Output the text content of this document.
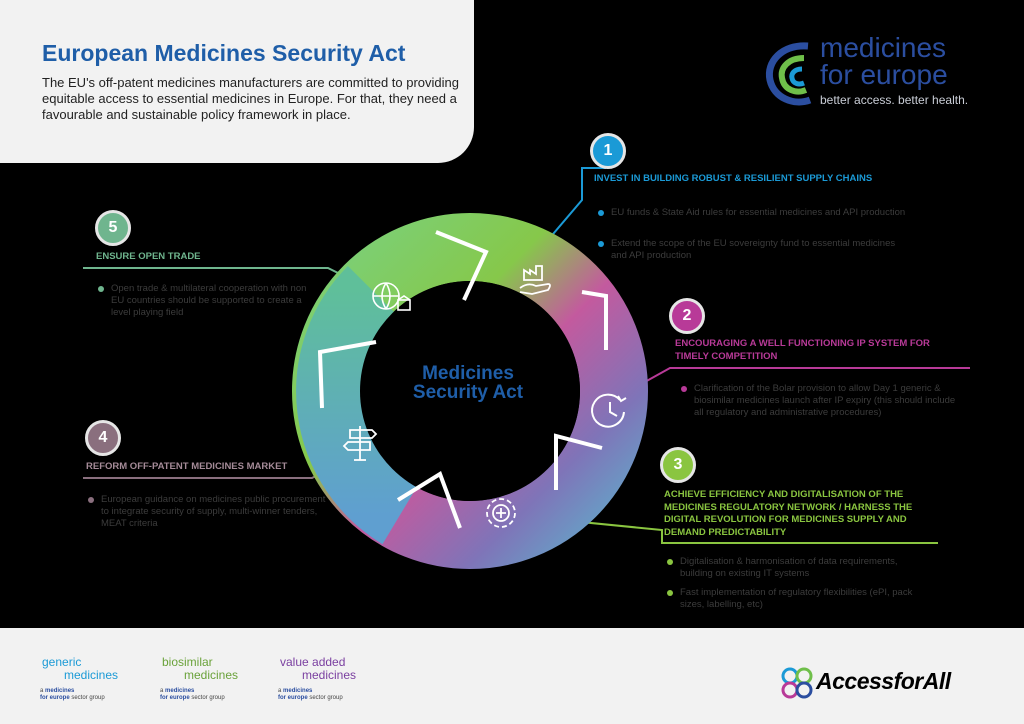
European Medicines Security Act
The EU's off-patent medicines manufacturers are committed to providing equitable access to essential medicines in Europe. For that, they need a favourable and sustainable policy framework in place.
medicines
for europe
better access. better health.
Medicines Security Act
1
INVEST IN BUILDING ROBUST & RESILIENT SUPPLY CHAINS
EU funds & State Aid rules for essential medicines and API production
Extend the scope of the EU sovereignty fund to essential medicines and API production
2
ENCOURAGING A WELL FUNCTIONING IP SYSTEM FOR TIMELY COMPETITION
Clarification of the Bolar provision to allow Day 1 generic & biosimilar medicines launch after IP expiry (this should include all regulatory and administrative procedures)
3
ACHIEVE EFFICIENCY AND DIGITALISATION OF THE MEDICINES REGULATORY NETWORK / HARNESS THE DIGITAL REVOLUTION FOR MEDICINES SUPPLY AND DEMAND PREDICTABILITY
Digitalisation & harmonisation of data requirements, building on existing IT systems
Fast implementation of regulatory flexibilities (ePI, pack sizes, labelling, etc)
4
REFORM OFF-PATENT MEDICINES MARKET
European guidance on medicines public procurement to integrate security of supply, multi-winner tenders, MEAT criteria
5
ENSURE OPEN TRADE
Open trade & multilateral cooperation with non EU countries should be supported to create a level playing field
generic
medicines
a medicines
for europe sector group
biosimilar
medicines
a medicines
for europe sector group
value added
medicines
a medicines
for europe sector group
AccessforAll
